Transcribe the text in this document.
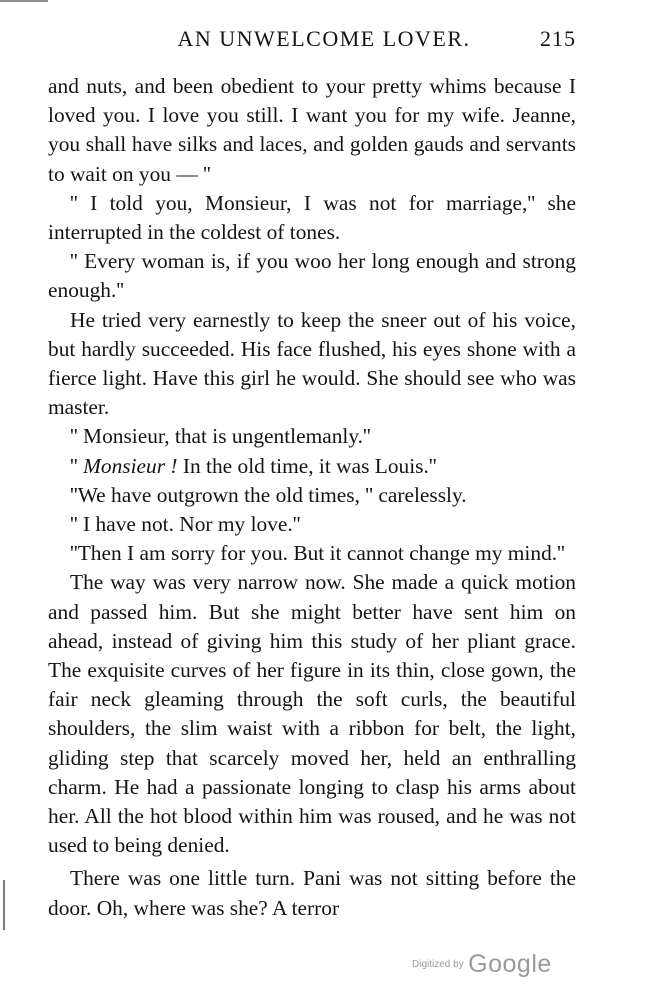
AN UNWELCOME LOVER.	215

and nuts, and been obedient to your pretty whims because I loved you. I love you still. I want you for my wife. Jeanne, you shall have silks and laces, and golden gauds and servants to wait on you — ''

'' I told you, Monsieur, I was not for marriage,'' she interrupted in the coldest of tones.

'' Every woman is, if you woo her long enough and strong enough.''

He tried very earnestly to keep the sneer out of his voice, but hardly succeeded. His face flushed, his eyes shone with a fierce light. Have this girl he would. She should see who was master.

'' Monsieur, that is ungentlemanly.''

'' Monsieur ! In the old time, it was Louis.''

''We have outgrown the old times, '' carelessly.

'' I have not. Nor my love.''

''Then I am sorry for you. But it cannot change my mind.''

The way was very narrow now. She made a quick motion and passed him. But she might better have sent him on ahead, instead of giving him this study of her pliant grace. The exquisite curves of her figure in its thin, close gown, the fair neck gleaming through the soft curls, the beautiful shoulders, the slim waist with a ribbon for belt, the light, gliding step that scarcely moved her, held an enthralling charm. He had a passionate longing to clasp his arms about her. All the hot blood within him was roused, and he was not used to being denied.

There was one little turn. Pani was not sitting before the door. Oh, where was she? A terror

Digitized by Google
